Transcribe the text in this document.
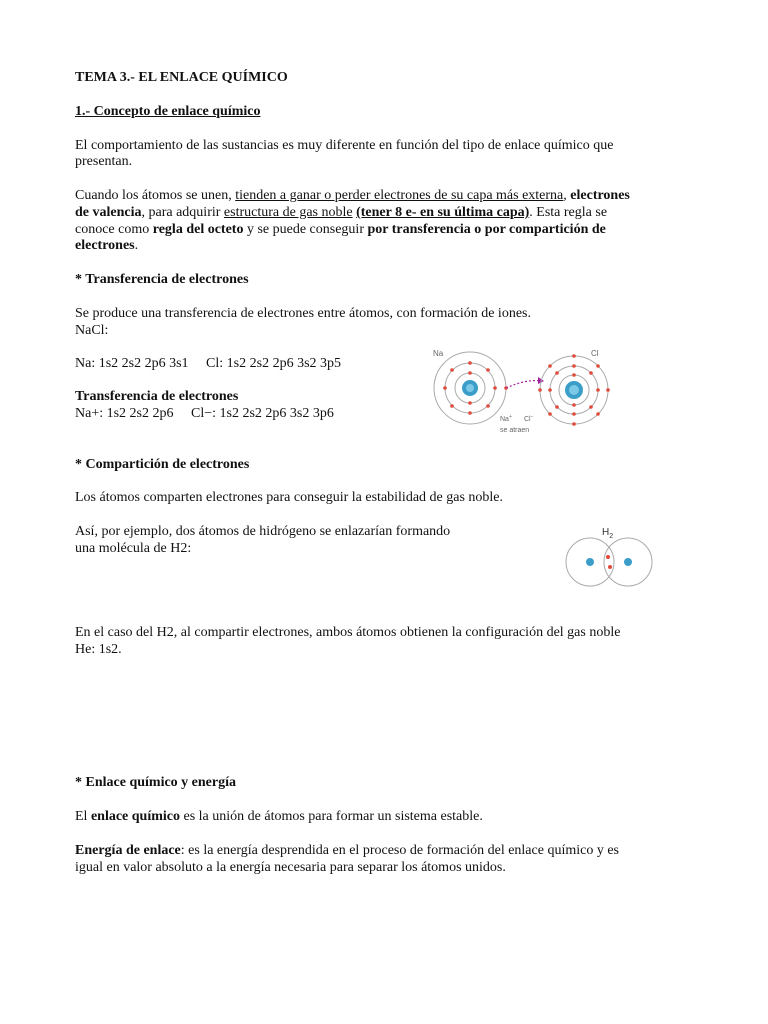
TEMA 3.- EL ENLACE QUÍMICO
1.- Concepto de enlace químico
El comportamiento de las sustancias es muy diferente en función del tipo de enlace químico que
presentan.
Cuando los átomos se unen, tienden a ganar o perder electrones de su capa más externa, electrones
de valencia, para adquirir estructura de gas noble (tener 8 e- en su última capa). Esta regla se
conoce como regla del octeto y se puede conseguir por transferencia o por compartición de
electrones.
* Transferencia de electrones
Se produce una transferencia de electrones entre átomos, con formación de iones.
NaCl:
Na: 1s2 2s2 2p6 3s1     Cl: 1s2 2s2 2p6 3s2 3p5
Transferencia de electrones
Na+: 1s2 2s2 2p6     Cl−: 1s2 2s2 2p6 3s2 3p6
Na	Cl
Na+ Cl−
se atraen
* Compartición de electrones
Los átomos comparten electrones para conseguir la estabilidad de gas noble.
Así, por ejemplo, dos átomos de hidrógeno se enlazarían formando
una molécula de H2:
$H_2$
En el caso del H2, al compartir electrones, ambos átomos obtienen la configuración del gas noble
He: 1s2.
* Enlace químico y energía
El enlace químico es la unión de átomos para formar un sistema estable.
Energía de enlace: es la energía desprendida en el proceso de formación del enlace químico y es
igual en valor absoluto a la energía necesaria para separar los átomos unidos.
